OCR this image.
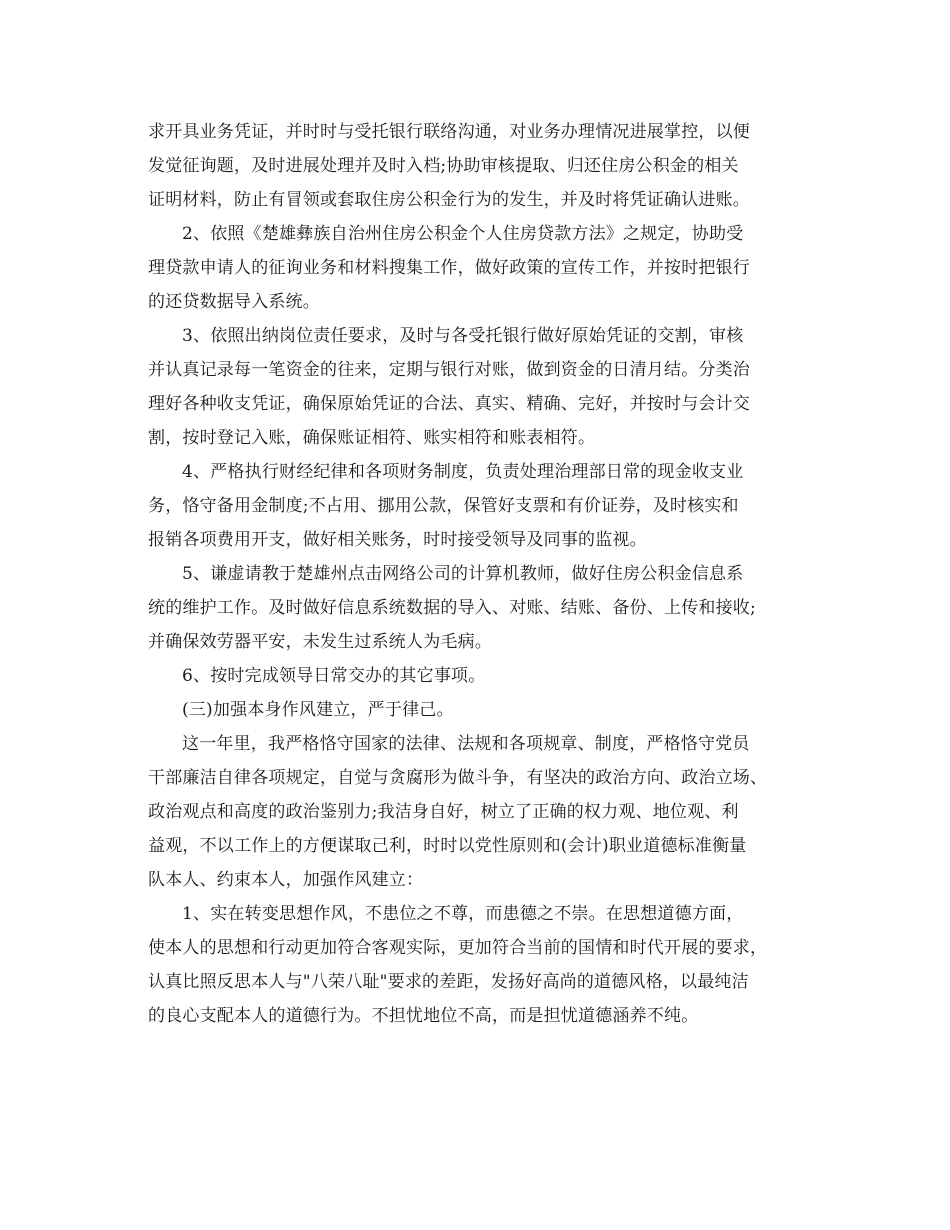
求开具业务凭证，并时时与受托银行联络沟通，对业务办理情况进展掌控，以便
发觉征询题，及时进展处理并及时入档;协助审核提取、归还住房公积金的相关
证明材料，防止有冒领或套取住房公积金行为的发生，并及时将凭证确认进账。
2、依照《楚雄彝族自治州住房公积金个人住房贷款方法》之规定，协助受
理贷款申请人的征询业务和材料搜集工作，做好政策的宣传工作，并按时把银行
的还贷数据导入系统。
3、依照出纳岗位责任要求，及时与各受托银行做好原始凭证的交割，审核
并认真记录每一笔资金的往来，定期与银行对账，做到资金的日清月结。分类治
理好各种收支凭证，确保原始凭证的合法、真实、精确、完好，并按时与会计交
割，按时登记入账，确保账证相符、账实相符和账表相符。
4、严格执行财经纪律和各项财务制度，负责处理治理部日常的现金收支业
务，恪守备用金制度;不占用、挪用公款，保管好支票和有价证券，及时核实和
报销各项费用开支，做好相关账务，时时接受领导及同事的监视。
5、谦虚请教于楚雄州点击网络公司的计算机教师，做好住房公积金信息系
统的维护工作。及时做好信息系统数据的导入、对账、结账、备份、上传和接收;
并确保效劳器平安，未发生过系统人为毛病。
6、按时完成领导日常交办的其它事项。
(三)加强本身作风建立，严于律己。
这一年里，我严格恪守国家的法律、法规和各项规章、制度，严格恪守党员
干部廉洁自律各项规定，自觉与贪腐形为做斗争，有坚决的政治方向、政治立场、
政治观点和高度的政治鉴别力;我洁身自好，树立了正确的权力观、地位观、利
益观，不以工作上的方便谋取己利，时时以党性原则和(会计)职业道德标准衡量
队本人、约束本人，加强作风建立：
1、实在转变思想作风，不患位之不尊，而患德之不崇。在思想道德方面，
使本人的思想和行动更加符合客观实际，更加符合当前的国情和时代开展的要求，
认真比照反思本人与"八荣八耻"要求的差距，发扬好高尚的道德风格，以最纯洁
的良心支配本人的道德行为。不担忧地位不高，而是担忧道德涵养不纯。
